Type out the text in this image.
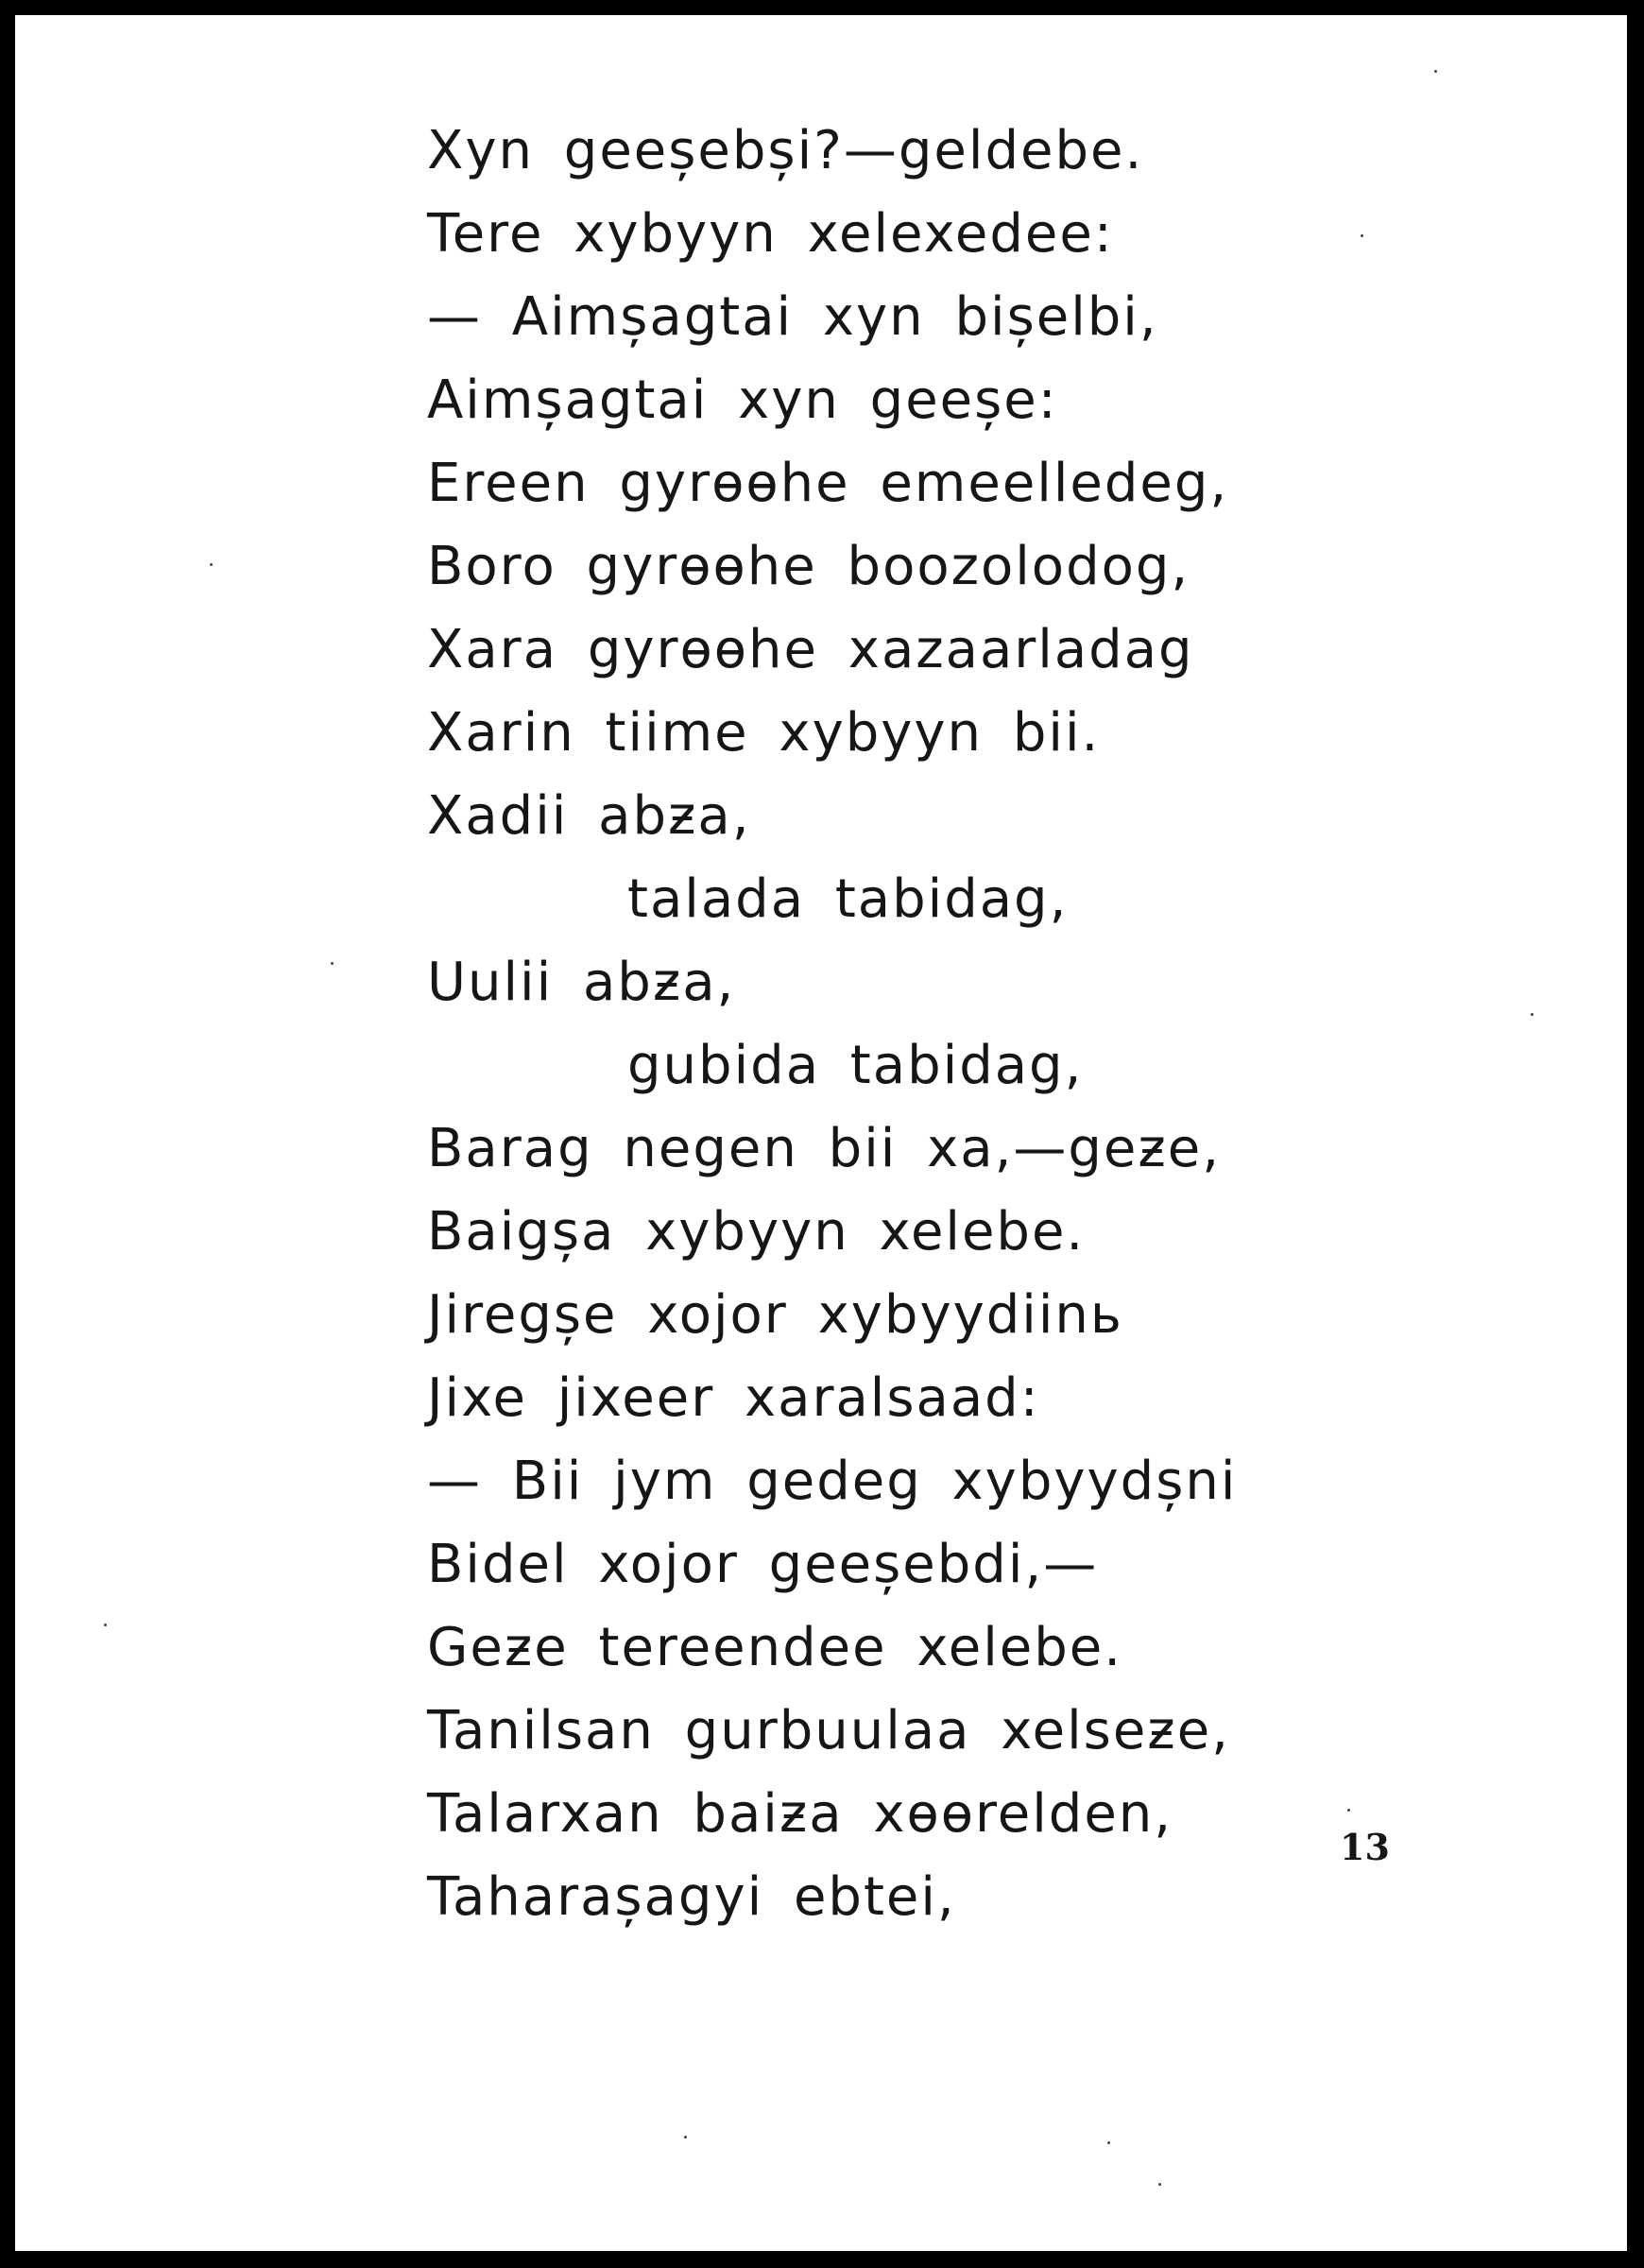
Xyn geeșebși?—geldebe.
Tere xybyyn xelexedee:
— Aimșagtai xyn bișelbi,
Aimșagtai xyn geeșe:
Ereen gyrөөhe emeelledeg,
Boro gyrөөhe boozolodog,
Xara gyrөөhe xazaarladag
Xarin tiime xybyyn bii.
Xadii abƶa,
talada tabidag,
Uulii abƶa,
gubida tabidag,
Barag negen bii xa,—geƶe,
Baigșa xybyyn xelebe.
Jiregșe xojor xybyydiinь
Jixe jixeer xaralsaad:
— Bii jym gedeg xybyydșni
Bidel xojor geeșebdi,—
Geƶe tereendee xelebe.
Tanilsan gurbuulaa xelseƶe,
Talarxan baiƶa xөөrelden,
Taharașagyi ebtei,
13
